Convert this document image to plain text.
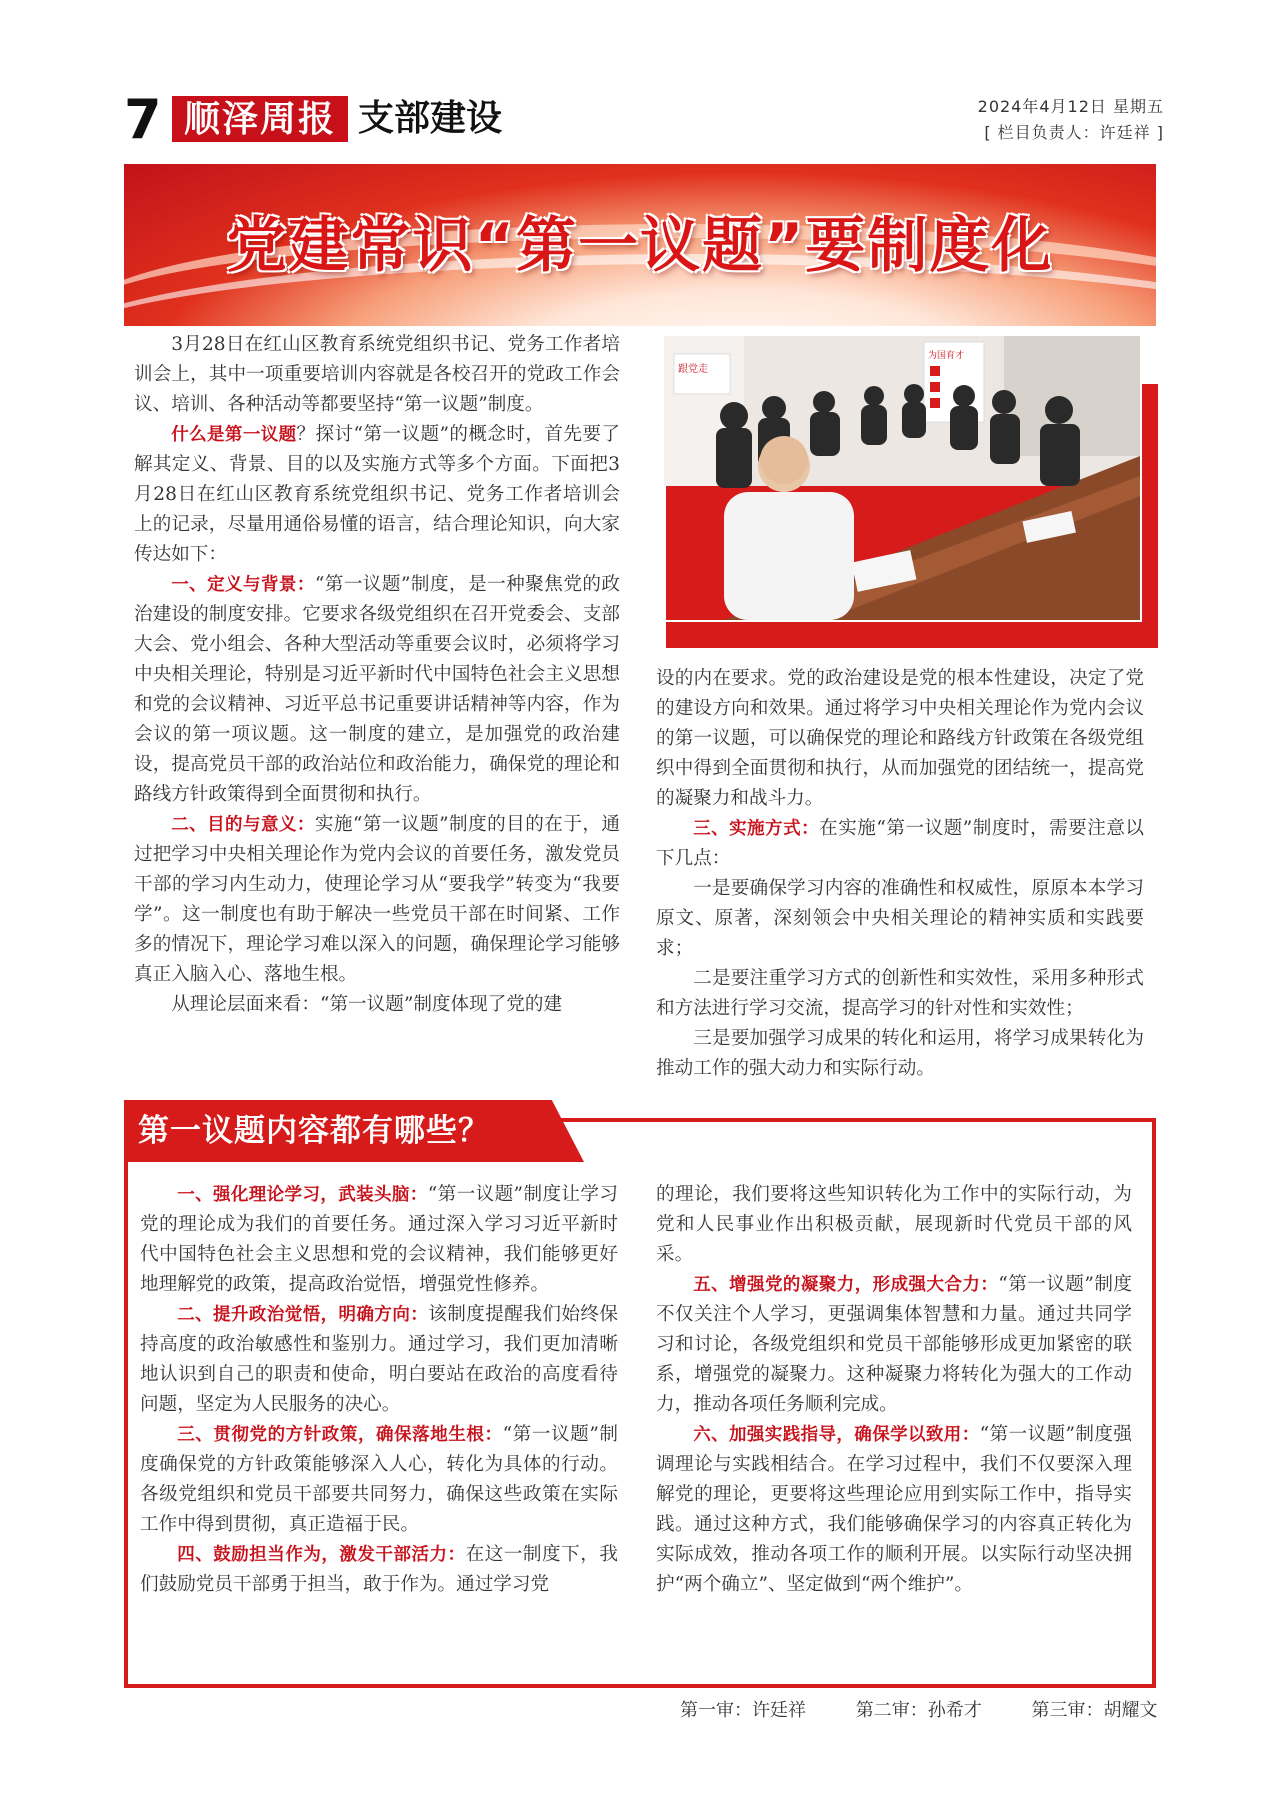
7 顺泽周报 支部建设	2024年4月12日 星期五
[ 栏目负责人：许廷祥 ]
党建常识“第一议题”要制度化

3月28日在红山区教育系统党组织书记、党务工作者培训会上，其中一项重要培训内容就是各校召开的党政工作会议、培训、各种活动等都要坚持“第一议题”制度。

什么是第一议题？探讨“第一议题”的概念时，首先要了解其定义、背景、目的以及实施方式等多个方面。下面把3月28日在红山区教育系统党组织书记、党务工作者培训会上的记录，尽量用通俗易懂的语言，结合理论知识，向大家传达如下：

一、定义与背景：“第一议题”制度，是一种聚焦党的政治建设的制度安排。它要求各级党组织在召开党委会、支部大会、党小组会、各种大型活动等重要会议时，必须将学习中央相关理论，特别是习近平新时代中国特色社会主义思想和党的会议精神、习近平总书记重要讲话精神等内容，作为会议的第一项议题。这一制度的建立，是加强党的政治建设，提高党员干部的政治站位和政治能力，确保党的理论和路线方针政策得到全面贯彻和执行。

二、目的与意义：实施“第一议题”制度的目的在于，通过把学习中央相关理论作为党内会议的首要任务，激发党员干部的学习内生动力，使理论学习从“要我学”转变为“我要学”。这一制度也有助于解决一些党员干部在时间紧、工作多的情况下，理论学习难以深入的问题，确保理论学习能够真正入脑入心、落地生根。

从理论层面来看：“第一议题”制度体现了党的建

跟党走
为国育才

设的内在要求。党的政治建设是党的根本性建设，决定了党的建设方向和效果。通过将学习中央相关理论作为党内会议的第一议题，可以确保党的理论和路线方针政策在各级党组织中得到全面贯彻和执行，从而加强党的团结统一，提高党的凝聚力和战斗力。

三、实施方式：在实施“第一议题”制度时，需要注意以下几点：

一是要确保学习内容的准确性和权威性，原原本本学习原文、原著，深刻领会中央相关理论的精神实质和实践要求；

二是要注重学习方式的创新性和实效性，采用多种形式和方法进行学习交流，提高学习的针对性和实效性；

三是要加强学习成果的转化和运用，将学习成果转化为推动工作的强大动力和实际行动。

第一议题内容都有哪些？

一、强化理论学习，武装头脑：“第一议题”制度让学习党的理论成为我们的首要任务。通过深入学习习近平新时代中国特色社会主义思想和党的会议精神，我们能够更好地理解党的政策，提高政治觉悟，增强党性修养。

二、提升政治觉悟，明确方向：该制度提醒我们始终保持高度的政治敏感性和鉴别力。通过学习，我们更加清晰地认识到自己的职责和使命，明白要站在政治的高度看待问题，坚定为人民服务的决心。

三、贯彻党的方针政策，确保落地生根：“第一议题”制度确保党的方针政策能够深入人心，转化为具体的行动。各级党组织和党员干部要共同努力，确保这些政策在实际工作中得到贯彻，真正造福于民。

四、鼓励担当作为，激发干部活力：在这一制度下，我们鼓励党员干部勇于担当，敢于作为。通过学习党

的理论，我们要将这些知识转化为工作中的实际行动，为党和人民事业作出积极贡献，展现新时代党员干部的风采。

五、增强党的凝聚力，形成强大合力：“第一议题”制度不仅关注个人学习，更强调集体智慧和力量。通过共同学习和讨论，各级党组织和党员干部能够形成更加紧密的联系，增强党的凝聚力。这种凝聚力将转化为强大的工作动力，推动各项任务顺利完成。

六、加强实践指导，确保学以致用：“第一议题”制度强调理论与实践相结合。在学习过程中，我们不仅要深入理解党的理论，更要将这些理论应用到实际工作中，指导实践。通过这种方式，我们能够确保学习的内容真正转化为实际成效，推动各项工作的顺利开展。以实际行动坚决拥护“两个确立”、坚定做到“两个维护”。

第一审：许廷祥	第二审：孙希才	第三审：胡耀文
